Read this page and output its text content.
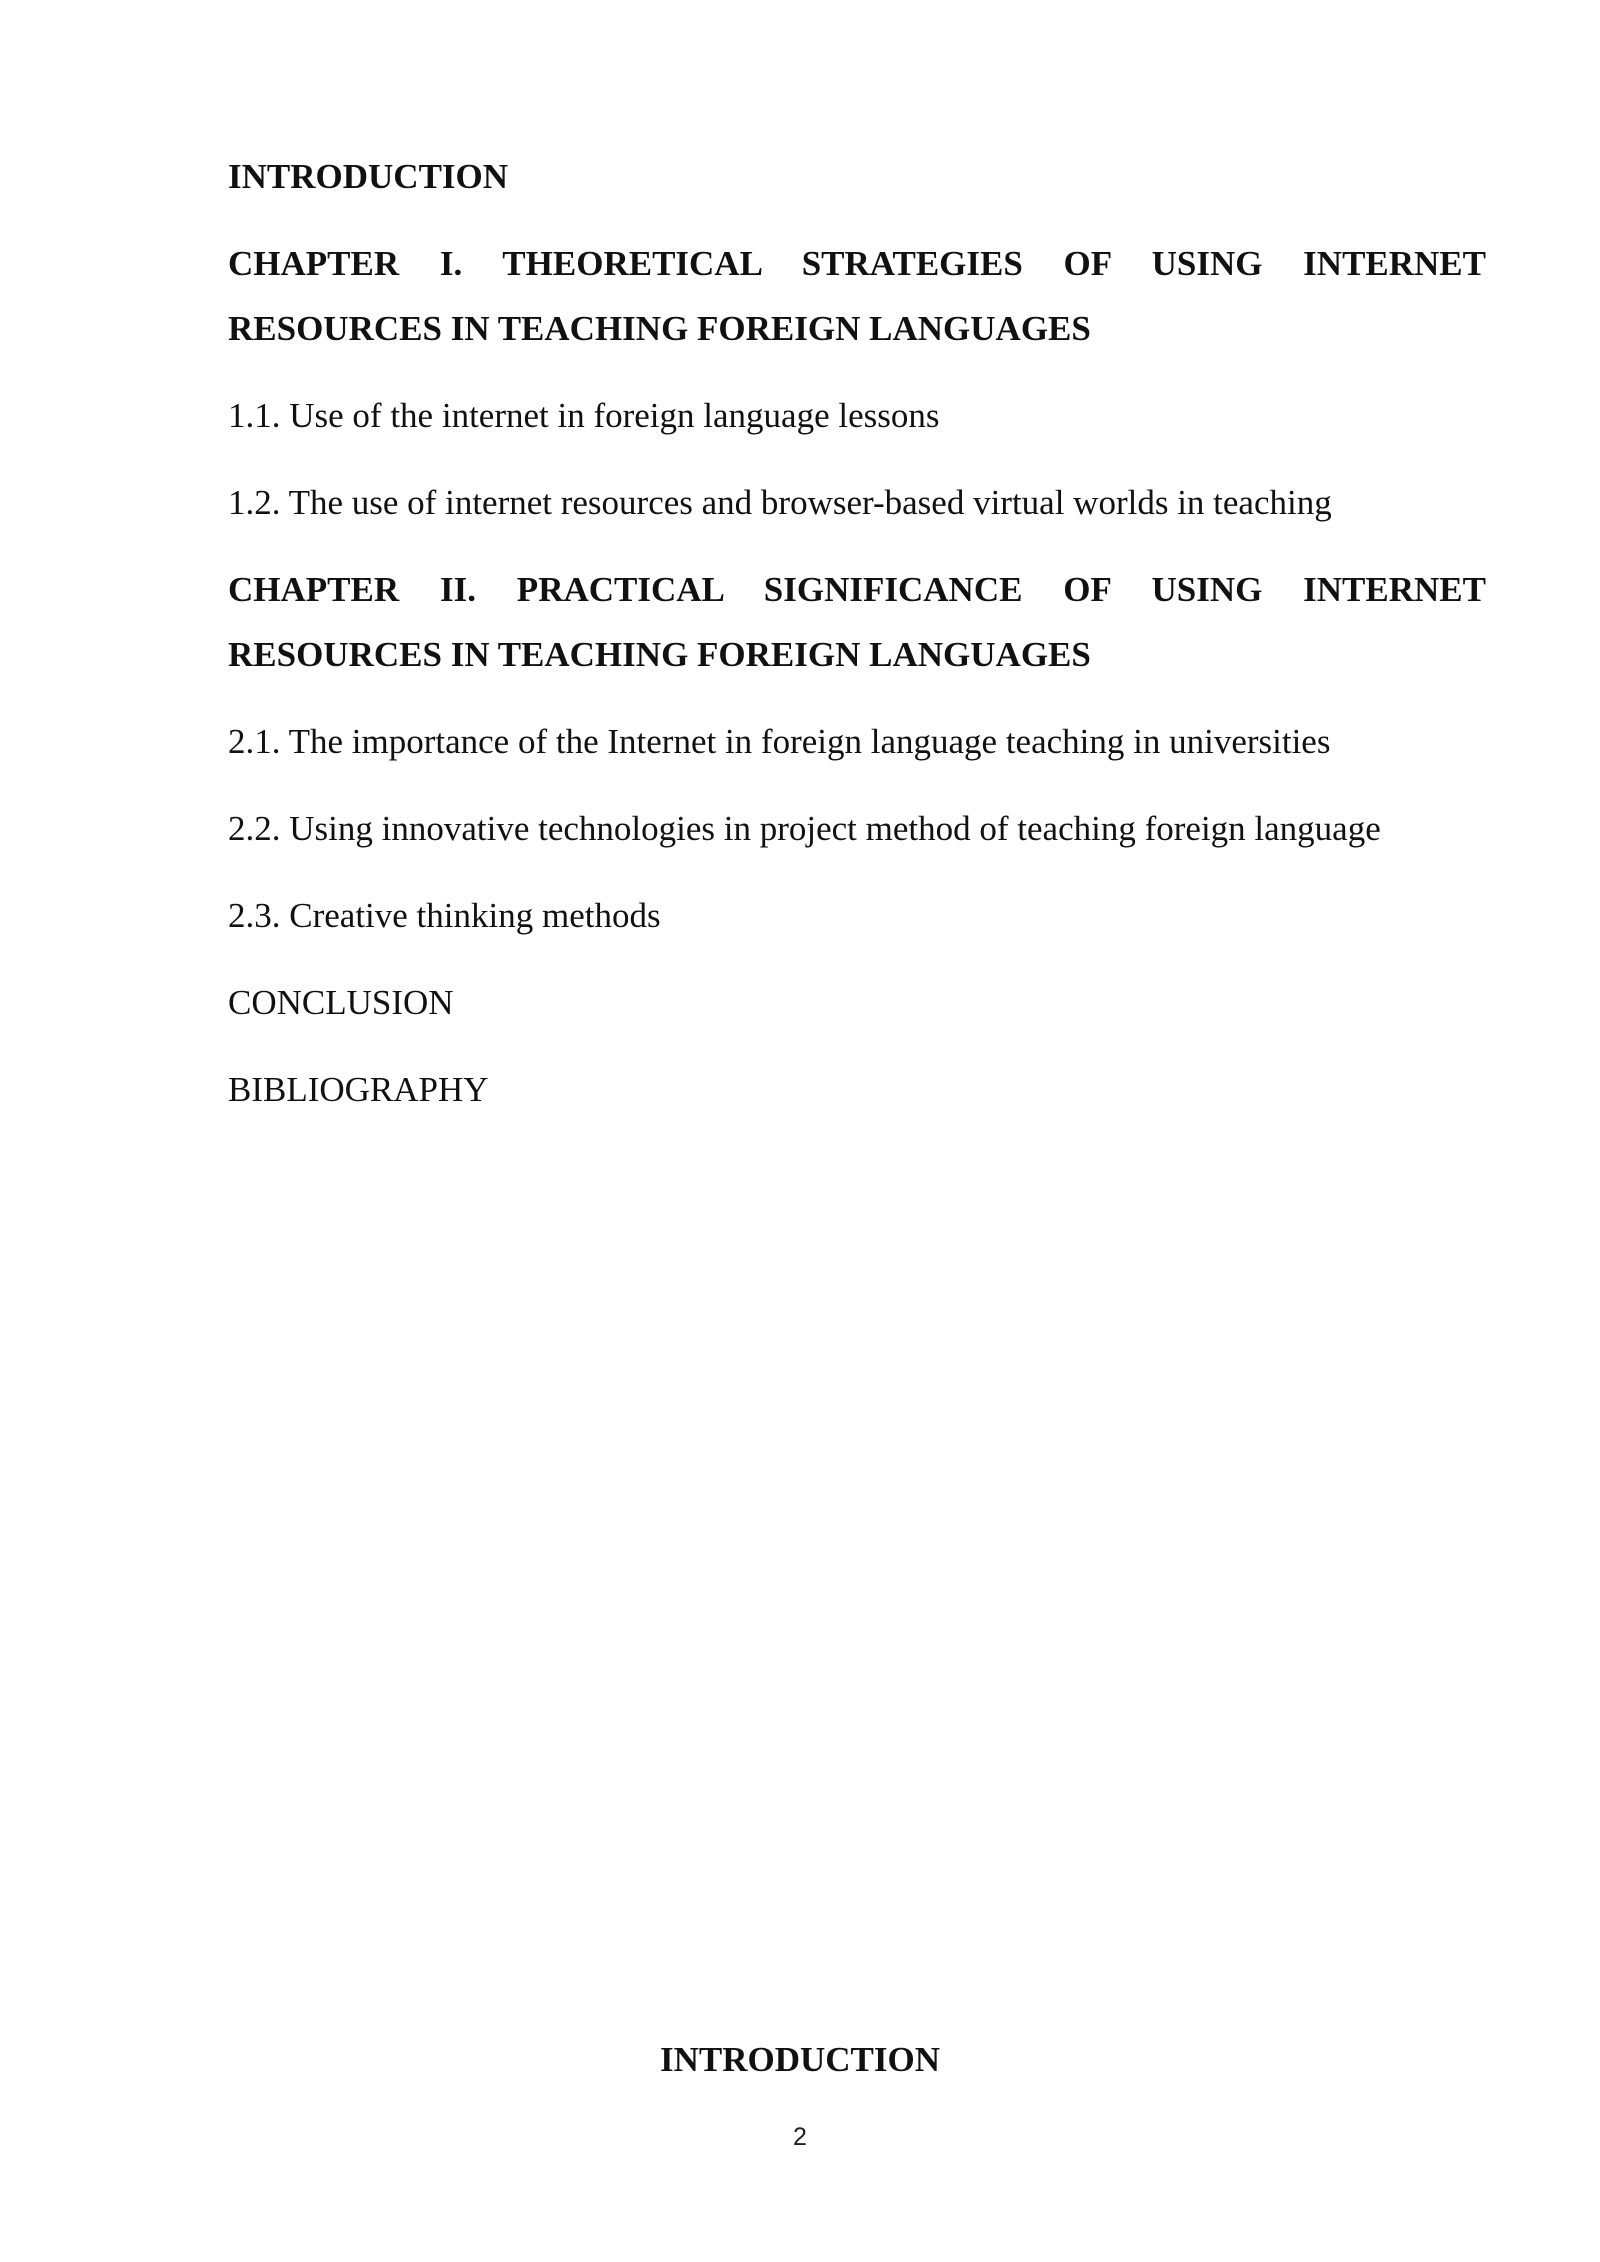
INTRODUCTION

CHAPTER I. THEORETICAL STRATEGIES OF USING INTERNET RESOURCES IN TEACHING FOREIGN LANGUAGES

1.1. Use of the internet in foreign language lessons

1.2. The use of internet resources and browser-based virtual worlds in teaching

CHAPTER II. PRACTICAL SIGNIFICANCE OF USING INTERNET RESOURCES IN TEACHING FOREIGN LANGUAGES

2.1. The importance of the Internet in foreign language teaching in universities

2.2. Using innovative technologies in project method of teaching foreign language

2.3. Creative thinking methods

CONCLUSION

BIBLIOGRAPHY

INTRODUCTION
2
